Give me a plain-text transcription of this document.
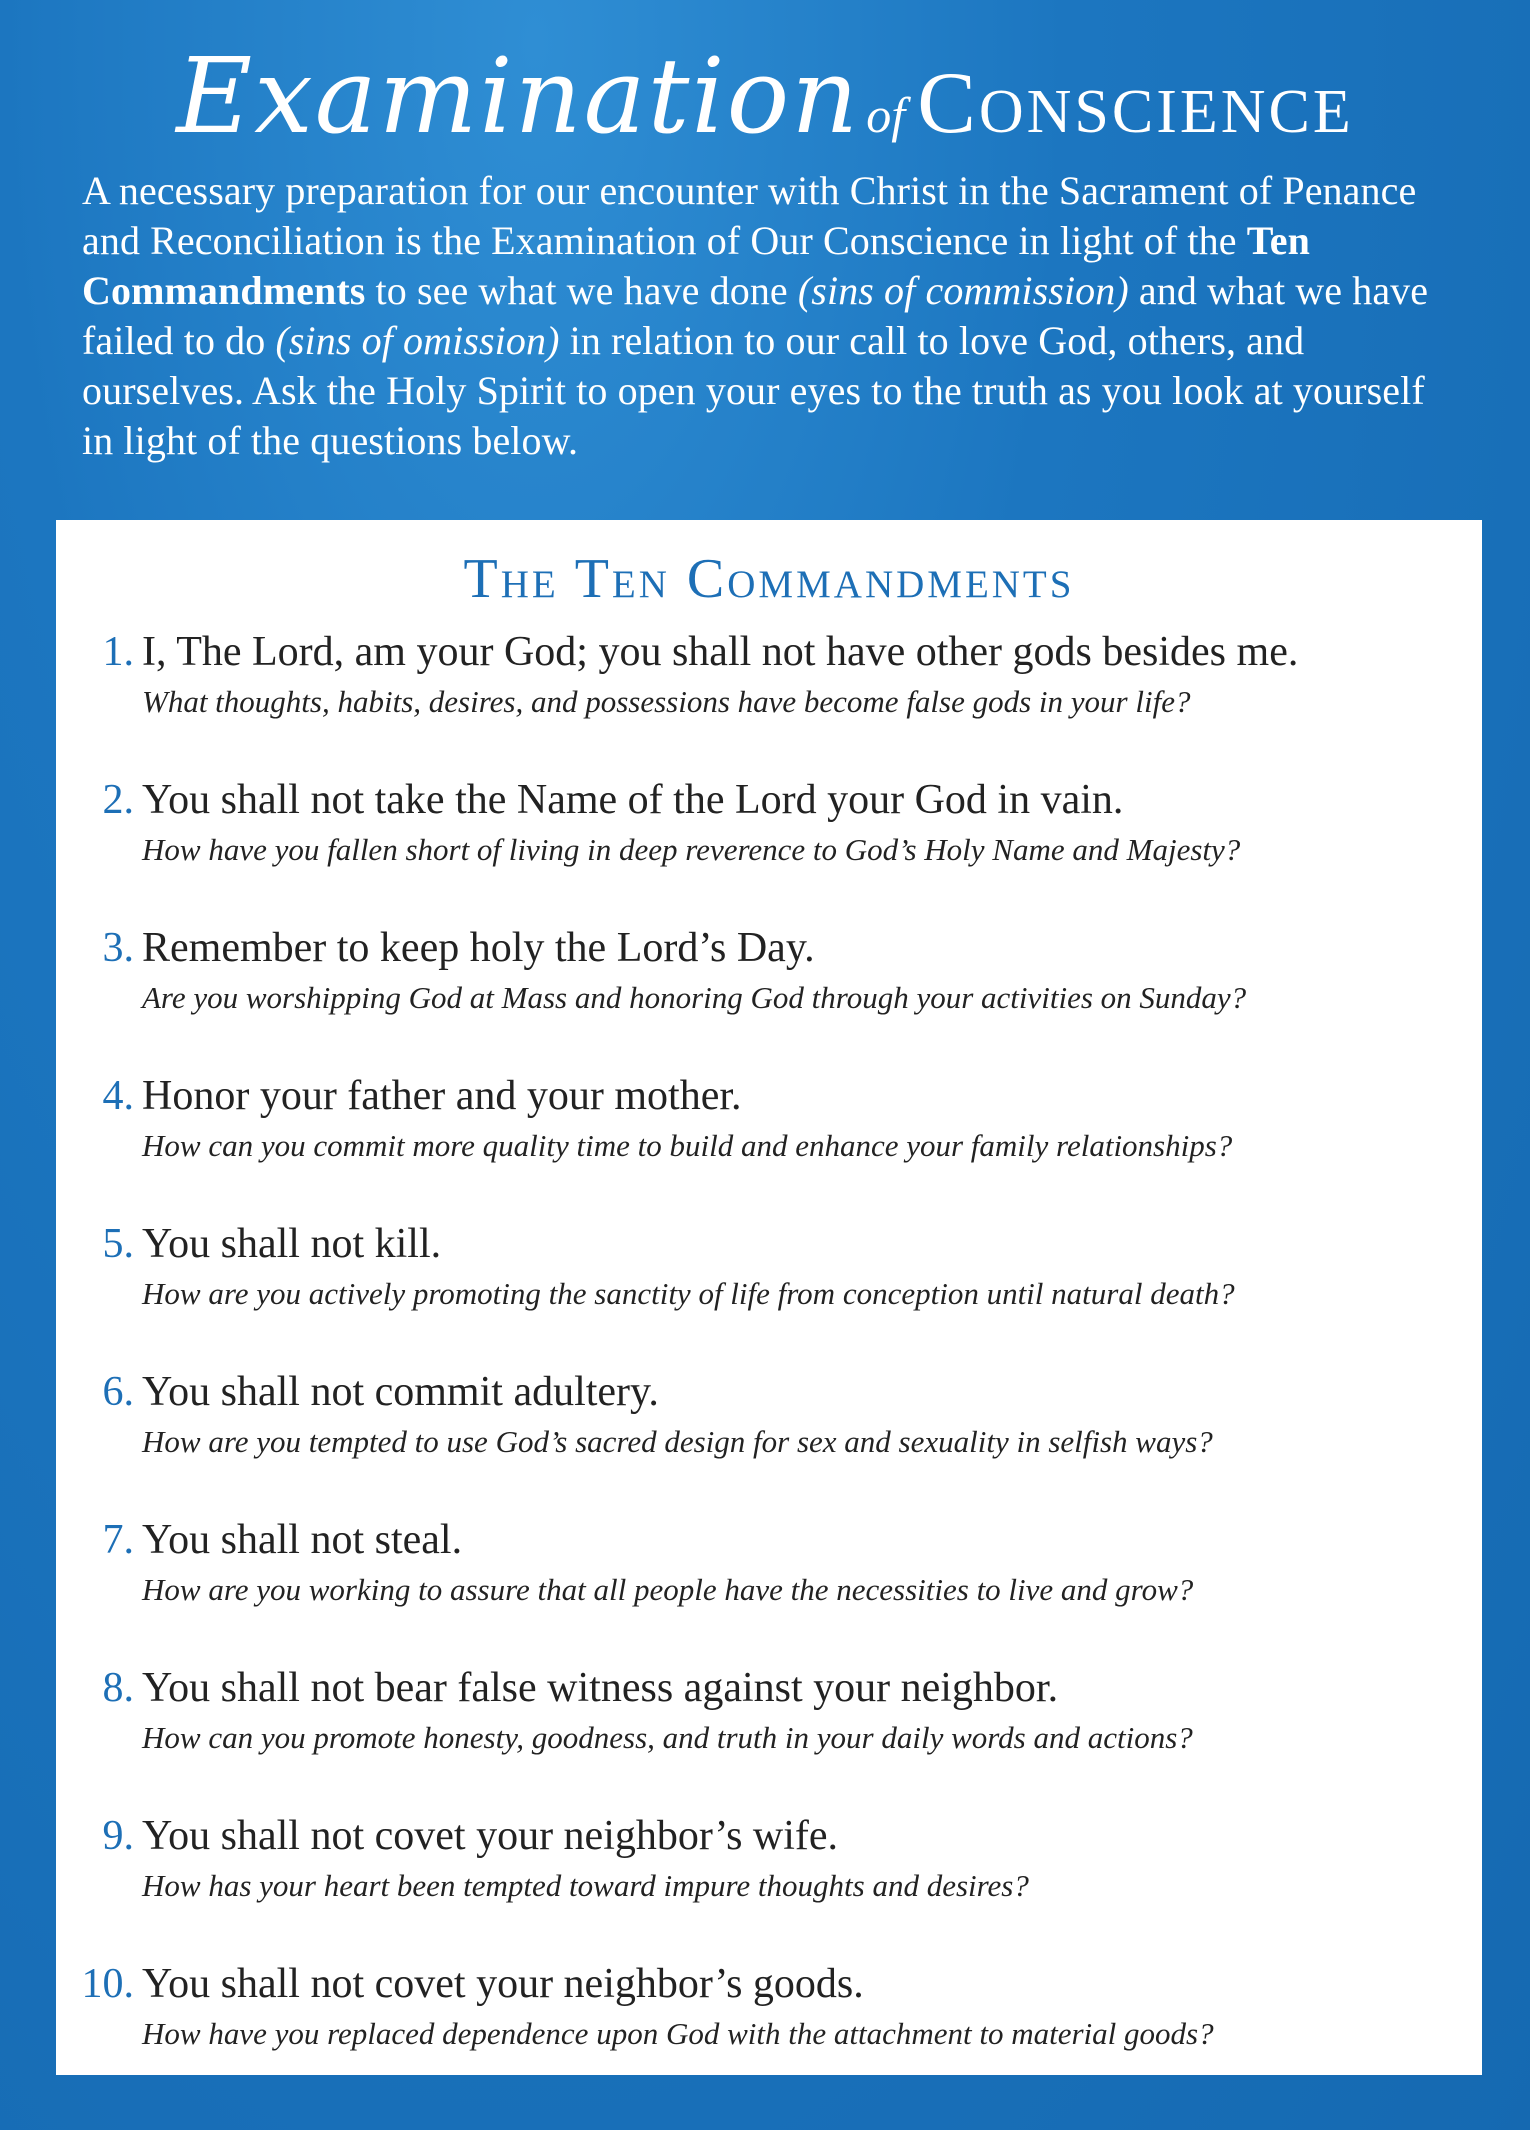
Examination of Conscience

A necessary preparation for our encounter with Christ in the Sacrament of Penance and Reconciliation is the Examination of Our Conscience in light of the Ten Commandments to see what we have done (sins of commission) and what we have failed to do (sins of omission) in relation to our call to love God, others, and ourselves. Ask the Holy Spirit to open your eyes to the truth as you look at yourself in light of the questions below.

The Ten Commandments
1. I, The Lord, am your God; you shall not have other gods besides me.
What thoughts, habits, desires, and possessions have become false gods in your life?
2. You shall not take the Name of the Lord your God in vain.
How have you fallen short of living in deep reverence to God’s Holy Name and Majesty?
3. Remember to keep holy the Lord’s Day.
Are you worshipping God at Mass and honoring God through your activities on Sunday?
4. Honor your father and your mother.
How can you commit more quality time to build and enhance your family relationships?
5. You shall not kill.
How are you actively promoting the sanctity of life from conception until natural death?
6. You shall not commit adultery.
How are you tempted to use God’s sacred design for sex and sexuality in selfish ways?
7. You shall not steal.
How are you working to assure that all people have the necessities to live and grow?
8. You shall not bear false witness against your neighbor.
How can you promote honesty, goodness, and truth in your daily words and actions?
9. You shall not covet your neighbor’s wife.
How has your heart been tempted toward impure thoughts and desires?
10. You shall not covet your neighbor’s goods.
How have you replaced dependence upon God with the attachment to material goods?
